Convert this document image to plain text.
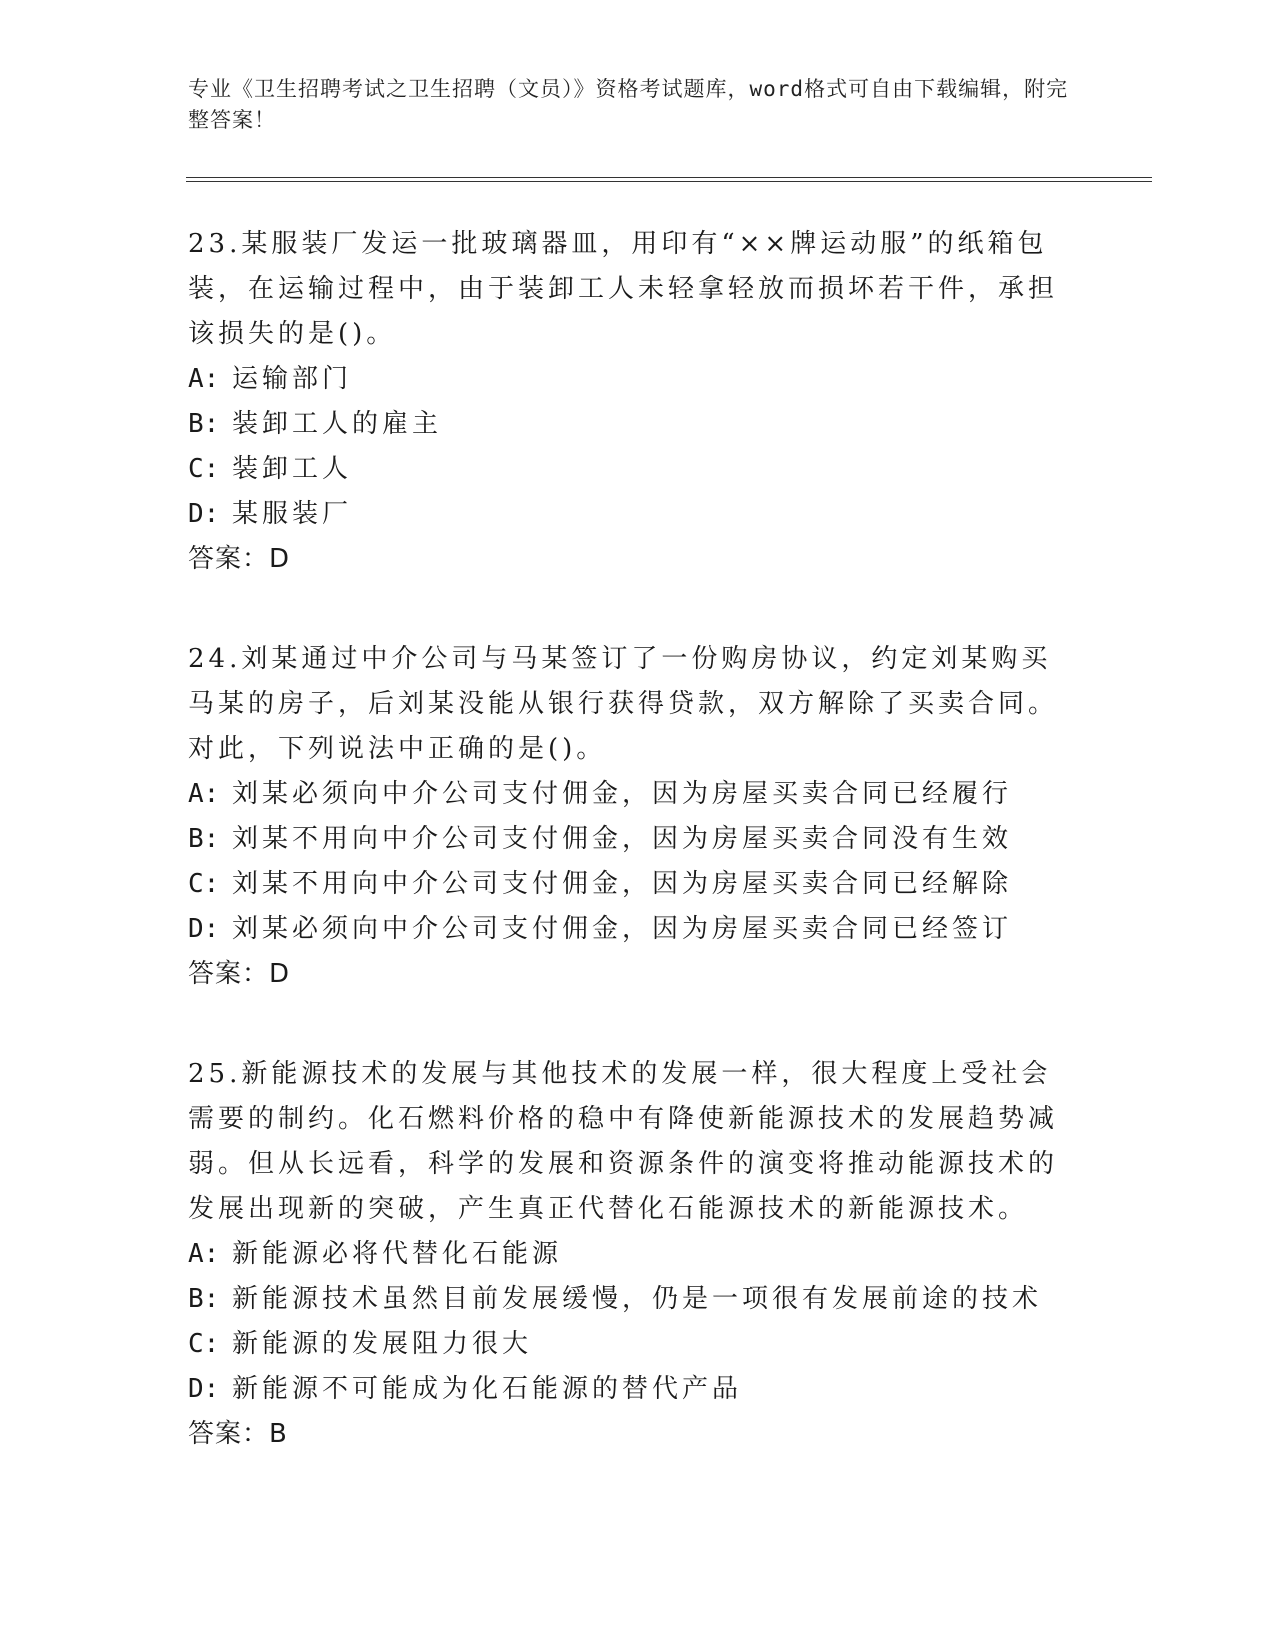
专业《卫生招聘考试之卫生招聘（文员）》资格考试题库，word格式可自由下载编辑，附完整答案！

23.某服装厂发运一批玻璃器皿，用印有“××牌运动服”的纸箱包装，在运输过程中，由于装卸工人未轻拿轻放而损坏若干件，承担该损失的是()。

A: 运输部门

B: 装卸工人的雇主

C: 装卸工人

D: 某服装厂

答案：D

24.刘某通过中介公司与马某签订了一份购房协议，约定刘某购买马某的房子，后刘某没能从银行获得贷款，双方解除了买卖合同。对此，下列说法中正确的是()。

A: 刘某必须向中介公司支付佣金，因为房屋买卖合同已经履行

B: 刘某不用向中介公司支付佣金，因为房屋买卖合同没有生效

C: 刘某不用向中介公司支付佣金，因为房屋买卖合同已经解除

D: 刘某必须向中介公司支付佣金，因为房屋买卖合同已经签订

答案：D

25.新能源技术的发展与其他技术的发展一样，很大程度上受社会需要的制约。化石燃料价格的稳中有降使新能源技术的发展趋势减弱。但从长远看，科学的发展和资源条件的演变将推动能源技术的发展出现新的突破，产生真正代替化石能源技术的新能源技术。

A: 新能源必将代替化石能源

B: 新能源技术虽然目前发展缓慢，仍是一项很有发展前途的技术

C: 新能源的发展阻力很大

D: 新能源不可能成为化石能源的替代产品

答案：B
